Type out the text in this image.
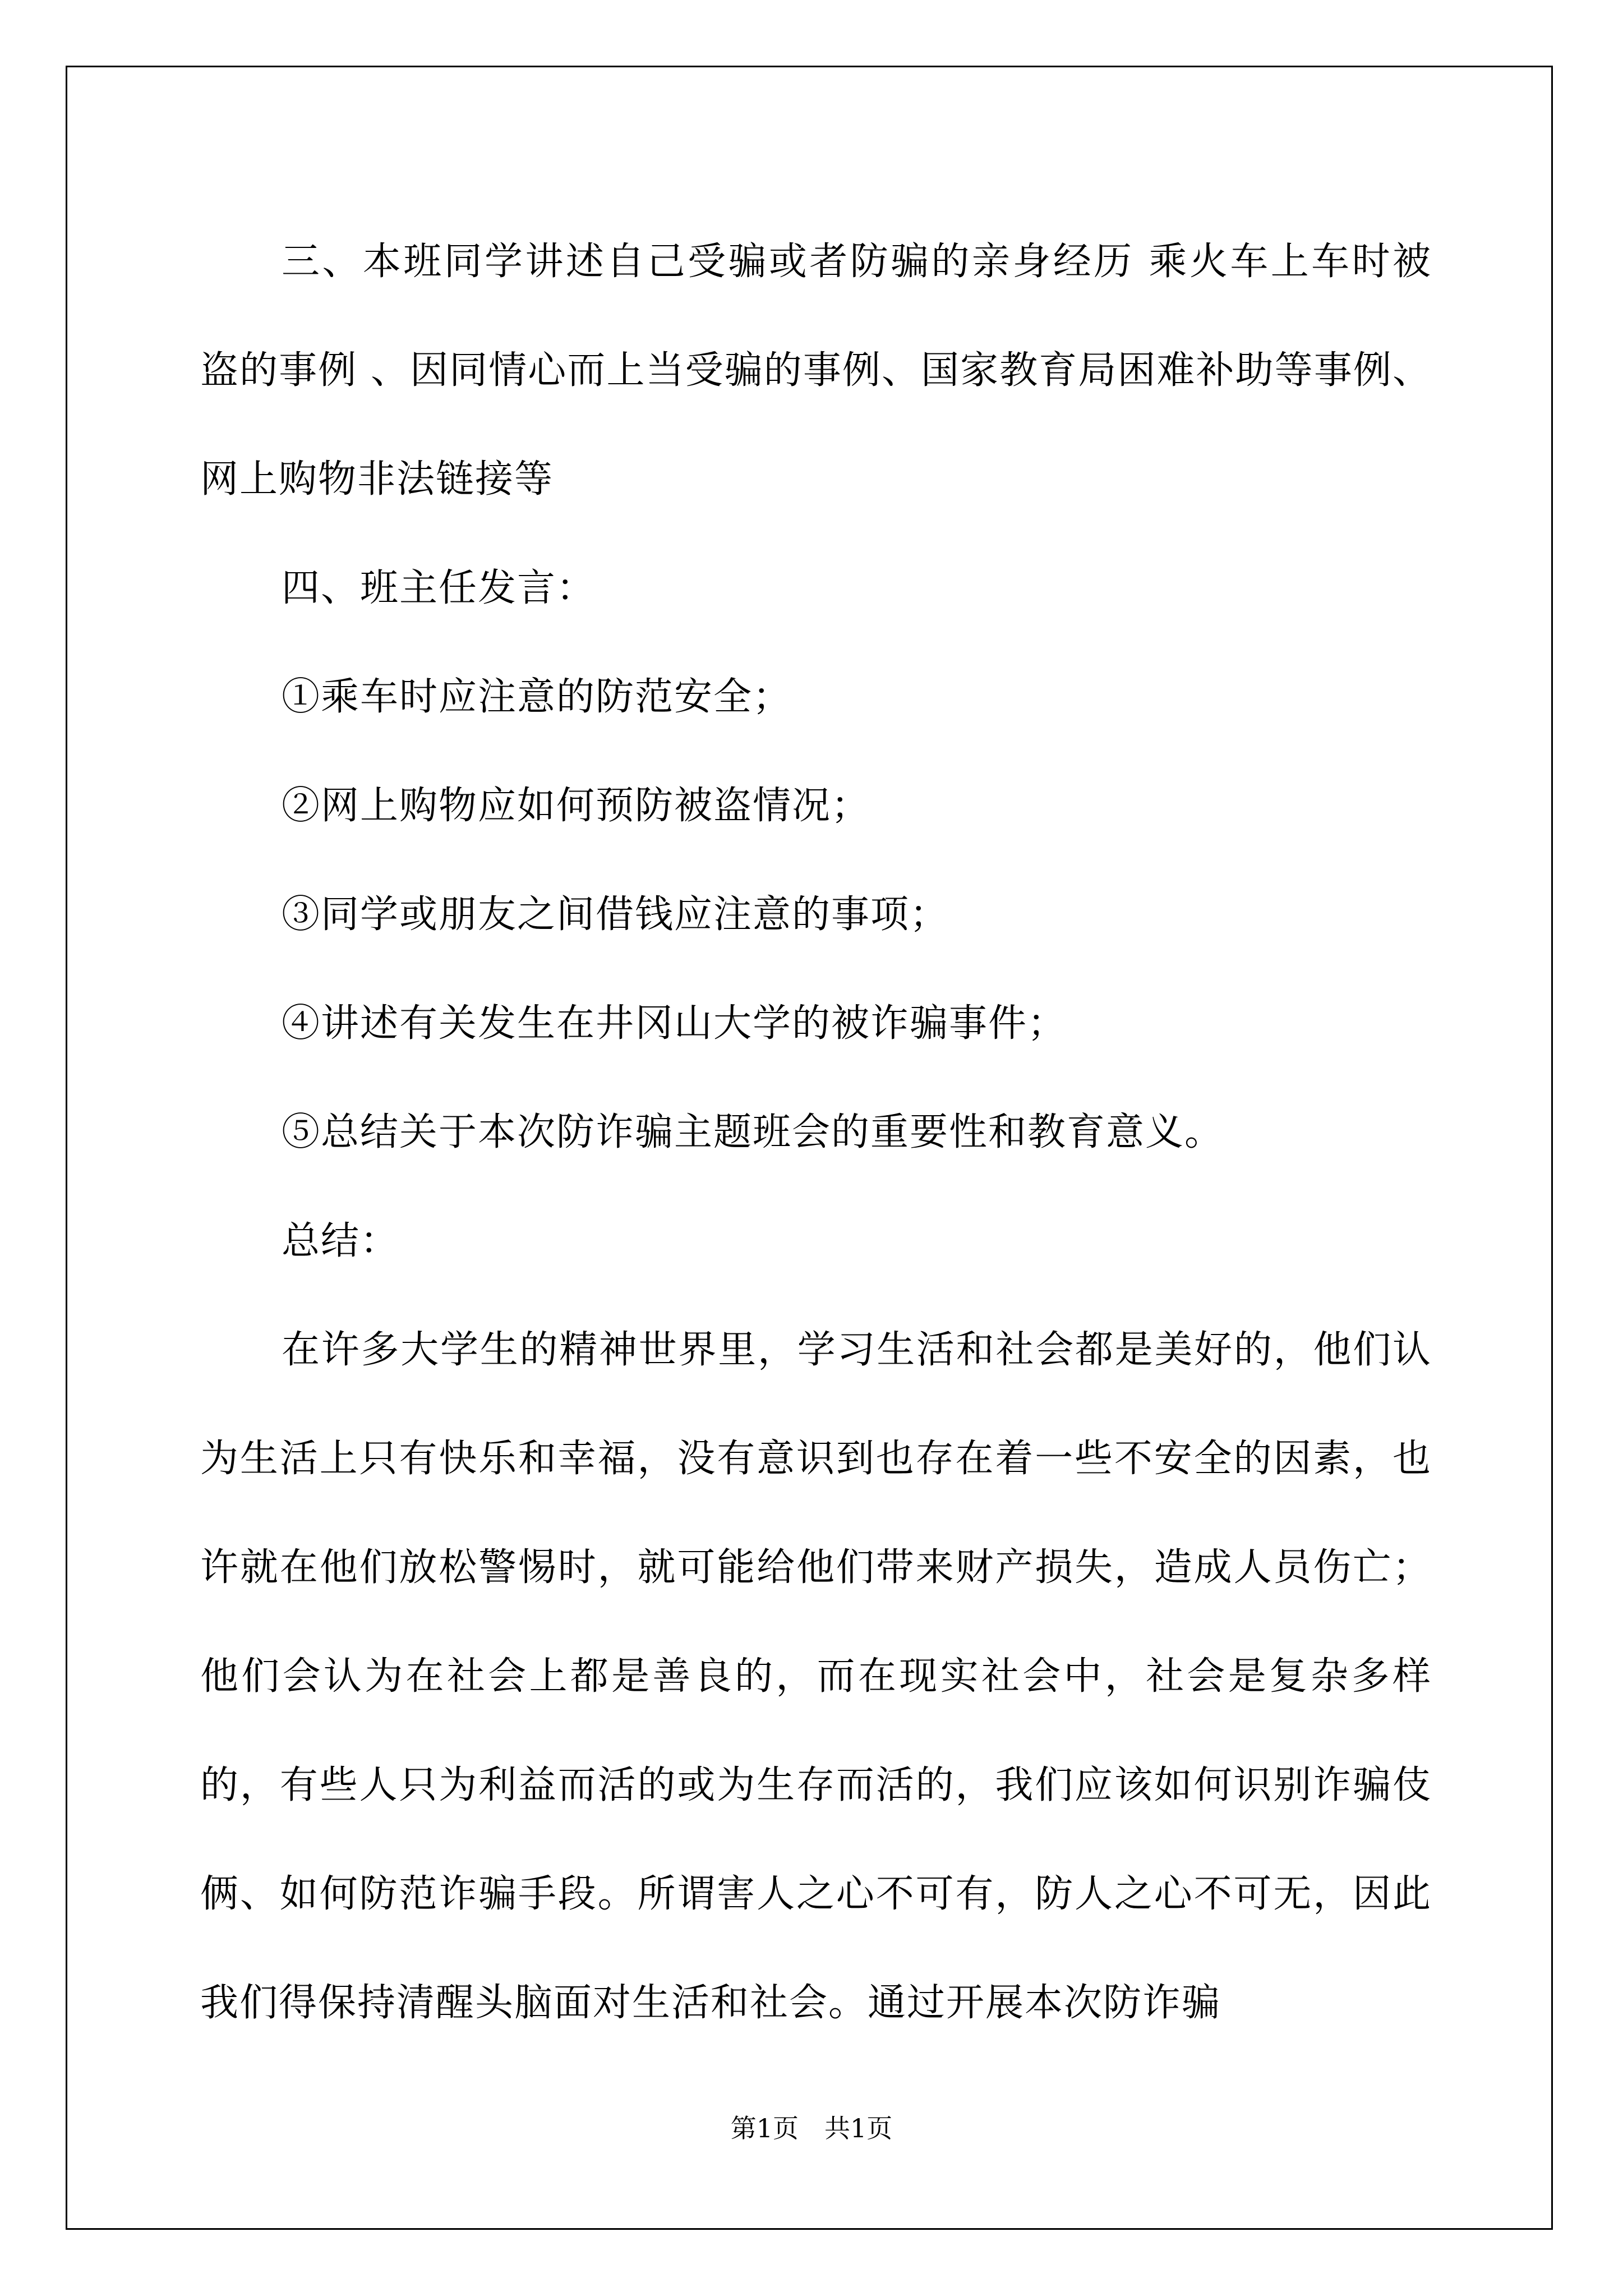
三、本班同学讲述自己受骗或者防骗的亲身经历 乘火车上车时被盗的事例 、因同情心而上当受骗的事例、国家教育局困难补助等事例、网上购物非法链接等

四、班主任发言：

①乘车时应注意的防范安全；

②网上购物应如何预防被盗情况；

③同学或朋友之间借钱应注意的事项；

④讲述有关发生在井冈山大学的被诈骗事件；

⑤总结关于本次防诈骗主题班会的重要性和教育意义。

总结：

在许多大学生的精神世界里，学习生活和社会都是美好的，他们认为生活上只有快乐和幸福，没有意识到也存在着一些不安全的因素，也许就在他们放松警惕时，就可能给他们带来财产损失，造成人员伤亡；他们会认为在社会上都是善良的，而在现实社会中，社会是复杂多样的，有些人只为利益而活的或为生存而活的，我们应该如何识别诈骗伎俩、如何防范诈骗手段。所谓害人之心不可有，防人之心不可无，因此我们得保持清醒头脑面对生活和社会。通过开展本次防诈骗

第1页　共1页
